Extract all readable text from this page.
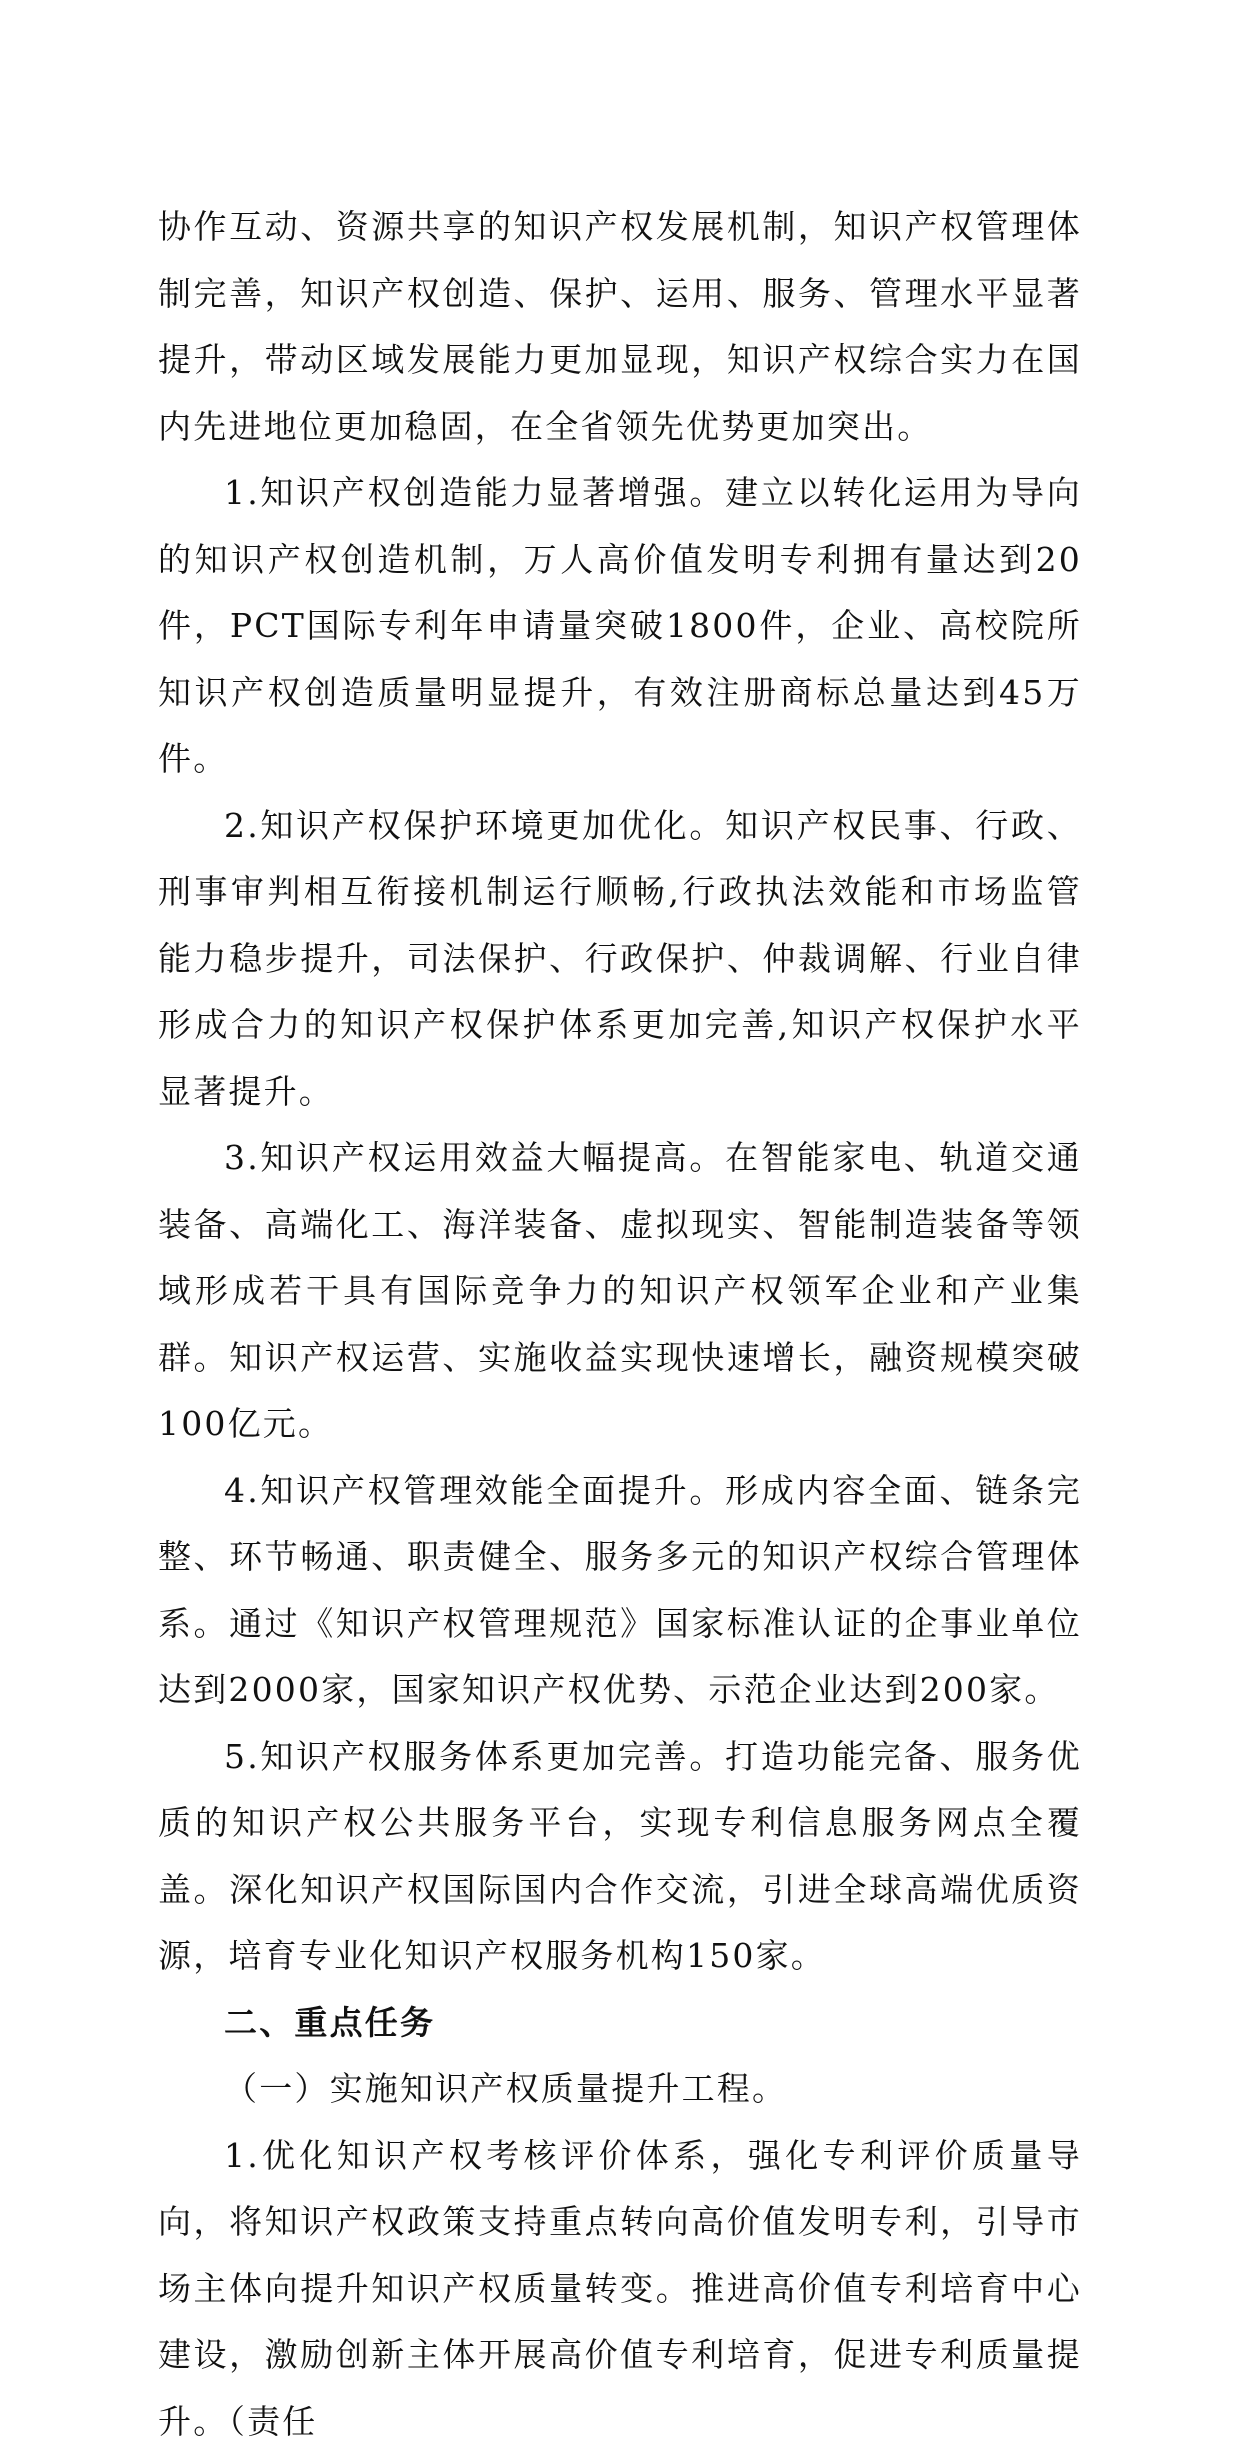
协作互动、资源共享的知识产权发展机制，知识产权管理体制完善，知识产权创造、保护、运用、服务、管理水平显著提升，带动区域发展能力更加显现，知识产权综合实力在国内先进地位更加稳固，在全省领先优势更加突出。

1.知识产权创造能力显著增强。建立以转化运用为导向的知识产权创造机制，万人高价值发明专利拥有量达到20件，PCT国际专利年申请量突破1800件，企业、高校院所知识产权创造质量明显提升，有效注册商标总量达到45万件。

2.知识产权保护环境更加优化。知识产权民事、行政、刑事审判相互衔接机制运行顺畅,行政执法效能和市场监管能力稳步提升，司法保护、行政保护、仲裁调解、行业自律形成合力的知识产权保护体系更加完善,知识产权保护水平显著提升。

3.知识产权运用效益大幅提高。在智能家电、轨道交通装备、高端化工、海洋装备、虚拟现实、智能制造装备等领域形成若干具有国际竞争力的知识产权领军企业和产业集群。知识产权运营、实施收益实现快速增长，融资规模突破100亿元。

4.知识产权管理效能全面提升。形成内容全面、链条完整、环节畅通、职责健全、服务多元的知识产权综合管理体系。通过《知识产权管理规范》国家标准认证的企事业单位达到2000家，国家知识产权优势、示范企业达到200家。

5.知识产权服务体系更加完善。打造功能完备、服务优质的知识产权公共服务平台，实现专利信息服务网点全覆盖。深化知识产权国际国内合作交流，引进全球高端优质资源，培育专业化知识产权服务机构150家。

二、重点任务

（一）实施知识产权质量提升工程。

1.优化知识产权考核评价体系，强化专利评价质量导向，将知识产权政策支持重点转向高价值发明专利，引导市场主体向提升知识产权质量转变。推进高价值专利培育中心建设，激励创新主体开展高价值专利培育，促进专利质量提升。（责任
